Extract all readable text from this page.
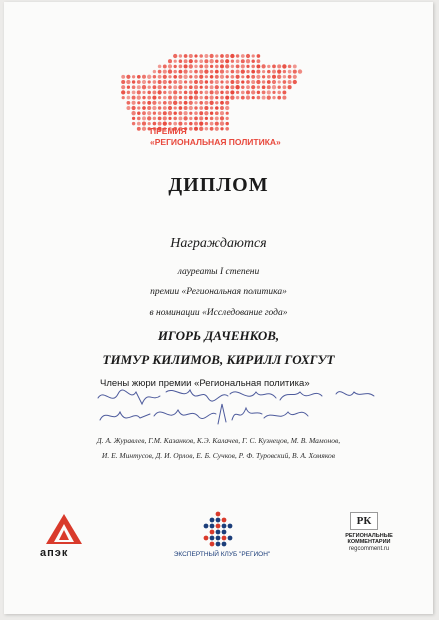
ПРЕМИЯ
«РЕГИОНАЛЬНАЯ ПОЛИТИКА»
ДИПЛОМ
Награждаются
лауреаты I степени
премии «Региональная политика»
в номинации «Исследование года»
ИГОРЬ ДАЧЕНКОВ,
ТИМУР КИЛИМОВ, КИРИЛЛ ГОХГУТ
Члены жюри премии «Региональная политика»
Д. А. Журавлев, Г.М. Казанков, К.Э. Калачев, Г. С. Кузнецов, М. В. Мамонов,
И. Е. Минтусов, Д. И. Орлов, Е. Б. Сучков, Р. Ф. Туровский, В. А. Хомяков
апэк	ЭКСПЕРТНЫЙ КЛУБ "РЕГИОН"
РК
РЕГИОНАЛЬНЫЕ
КОММЕНТАРИИ
regcomment.ru
